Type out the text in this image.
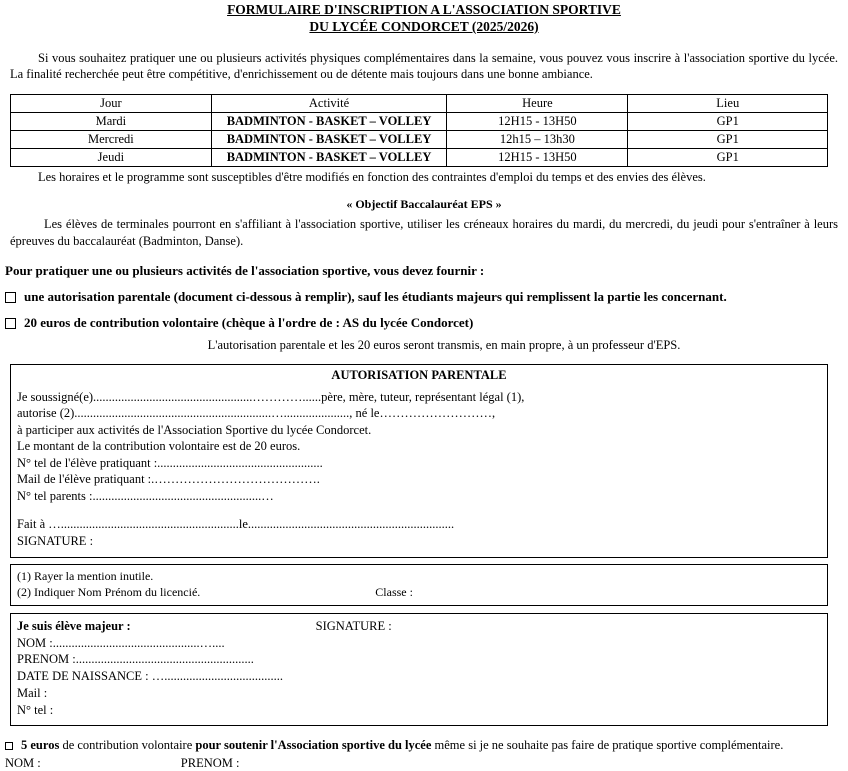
FORMULAIRE D'INSCRIPTION A L'ASSOCIATION SPORTIVE
DU LYCÉE CONDORCET (2025/2026)
Si vous souhaitez pratiquer une ou plusieurs activités physiques complémentaires dans la semaine, vous pouvez vous inscrire à l'association sportive du lycée. La finalité recherchée peut être compétitive, d'enrichissement ou de détente mais toujours dans une bonne ambiance.
Jour	Activité	Heure	Lieu
Mardi	BADMINTON - BASKET – VOLLEY	12H15 - 13H50	GP1
Mercredi	BADMINTON - BASKET – VOLLEY	12h15 – 13h30	GP1
Jeudi	BADMINTON - BASKET – VOLLEY	12H15 - 13H50	GP1
Les horaires et le programme sont susceptibles d'être modifiés en fonction des contraintes d'emploi du temps et des envies des élèves.
« Objectif Baccalauréat EPS »
Les élèves de terminales pourront en s'affiliant à l'association sportive, utiliser les créneaux horaires du mardi, du mercredi, du jeudi pour s'entraîner à leurs épreuves du baccalauréat (Badminton, Danse).
Pour pratiquer une ou plusieurs activités de l'association sportive, vous devez fournir :
une autorisation parentale (document ci-dessous à remplir), sauf les étudiants majeurs qui remplissent la partie les concernant.
20 euros de contribution volontaire (chèque à l'ordre de : AS du lycée Condorcet)
L'autorisation parentale et les 20 euros seront transmis, en main propre, à un professeur d'EPS.
AUTORISATION PARENTALE
Je soussigné(e)...................................................…………......père, mère, tuteur, représentant légal (1),
autorise (2)...............................................................…....................., né le………………………,
à participer aux activités de l'Association Sportive du lycée Condorcet.
Le montant de la contribution volontaire est de 20 euros.
N° tel de l'élève pratiquant :.....................................................
Mail de l'élève pratiquant :.………………………………….
N° tel parents :......................................................…
Fait à ….........................................................le..................................................................
SIGNATURE :
(1) Rayer la mention inutile.
(2) Indiquer Nom Prénom du licencié.	Classe :
Je suis élève majeur :	SIGNATURE :
NOM :...............................................…....
PRENOM :.........................................................
DATE DE NAISSANCE : …......................................
Mail :
N° tel :
5 euros de contribution volontaire pour soutenir l'Association sportive du lycée même si je ne souhaite pas faire de pratique sportive complémentaire.
NOM :	PRENOM :
